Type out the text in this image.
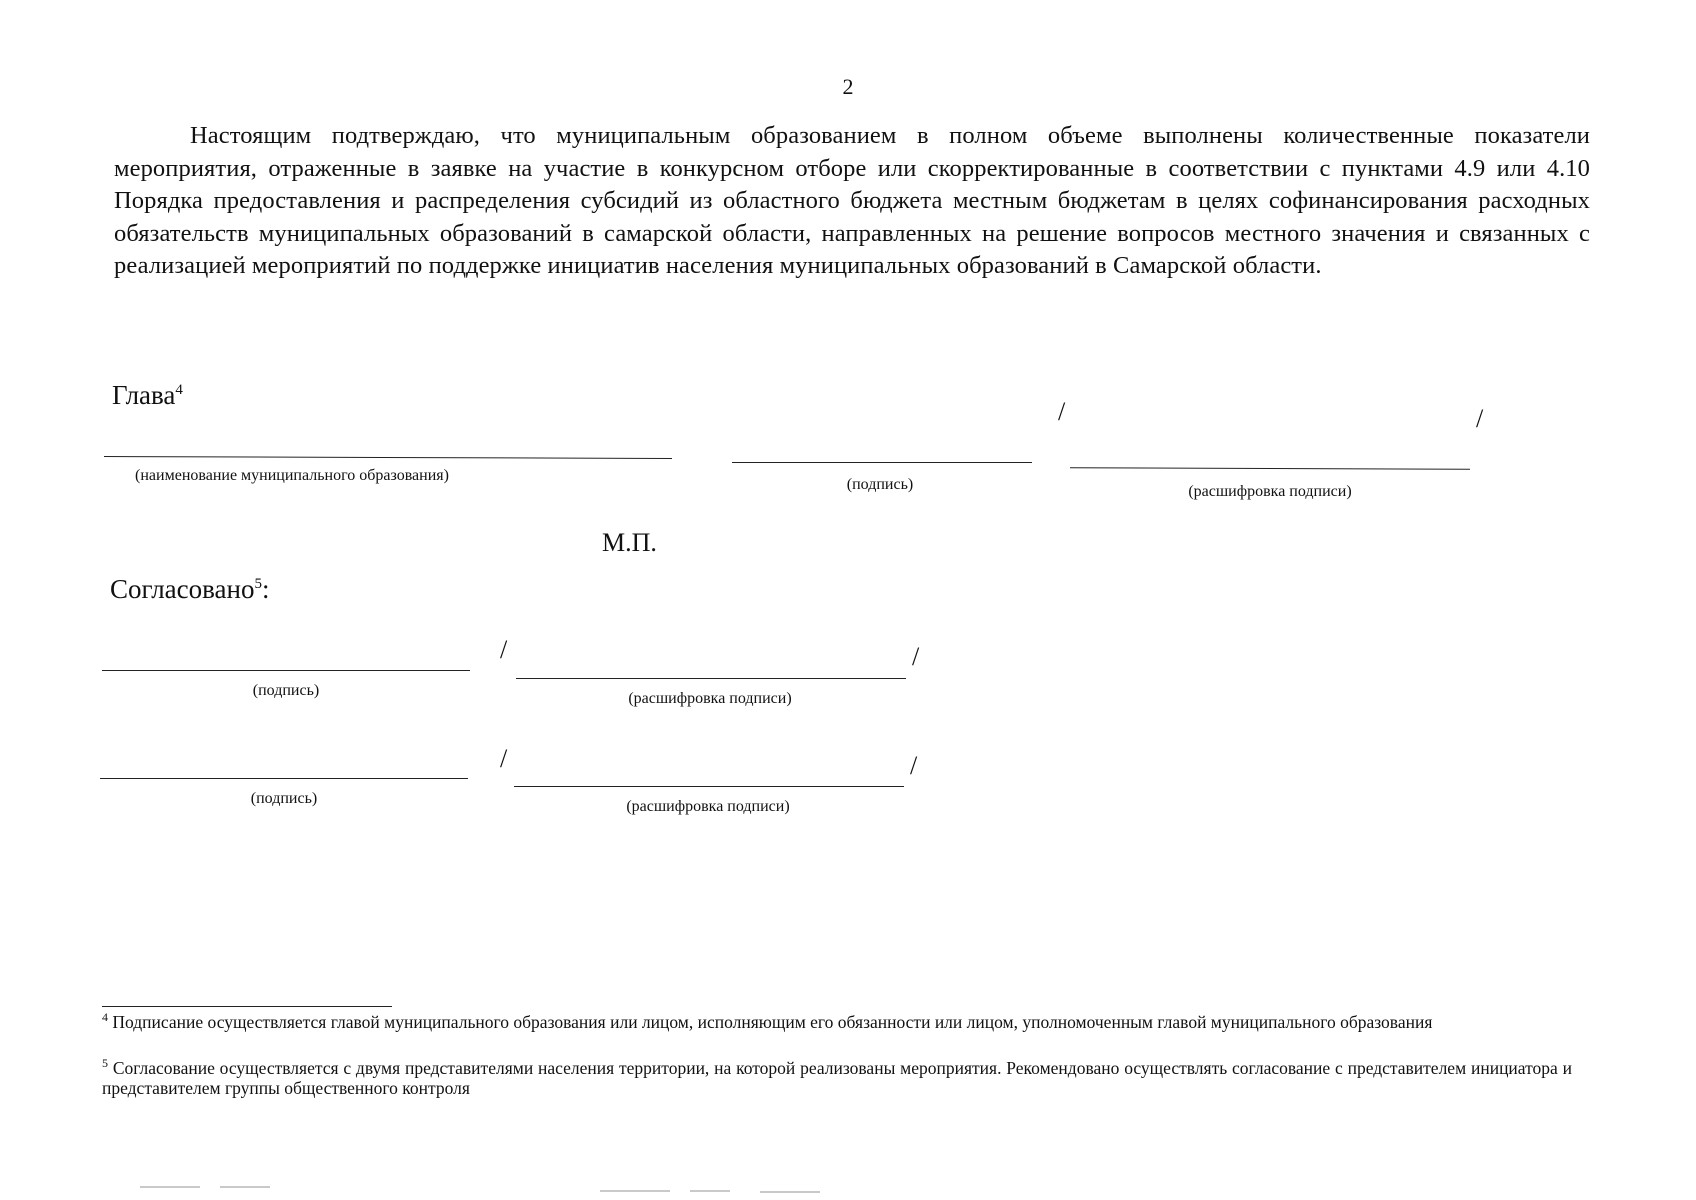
2
Настоящим подтверждаю, что муниципальным образованием в полном объеме выполнены количественные показатели мероприятия, отраженные в заявке на участие в конкурсном отборе или скорректированные в соответствии с пунктами 4.9 или 4.10 Порядка предоставления и распределения субсидий из областного бюджета местным бюджетам в целях софинансирования расходных обязательств муниципальных образований в самарской области, направленных на решение вопросов местного значения и связанных с реализацией мероприятий по поддержке инициатив населения муниципальных образований в Самарской области.
Глава$^4$
/	/
(наименование муниципального образования)
(подпись)	(расшифровка подписи)
М.П.
Согласовано$^5$:
/	/
(подпись)	(расшифровка подписи)
/	/
(подпись)	(расшифровка подписи)
$^4$ Подписание осуществляется главой муниципального образования или лицом, исполняющим его обязанности или лицом, уполномоченным главой муниципального образования
$^5$ Согласование осуществляется с двумя представителями населения территории, на которой реализованы мероприятия. Рекомендовано осуществлять согласование с представителем инициатора и представителем группы общественного контроля
